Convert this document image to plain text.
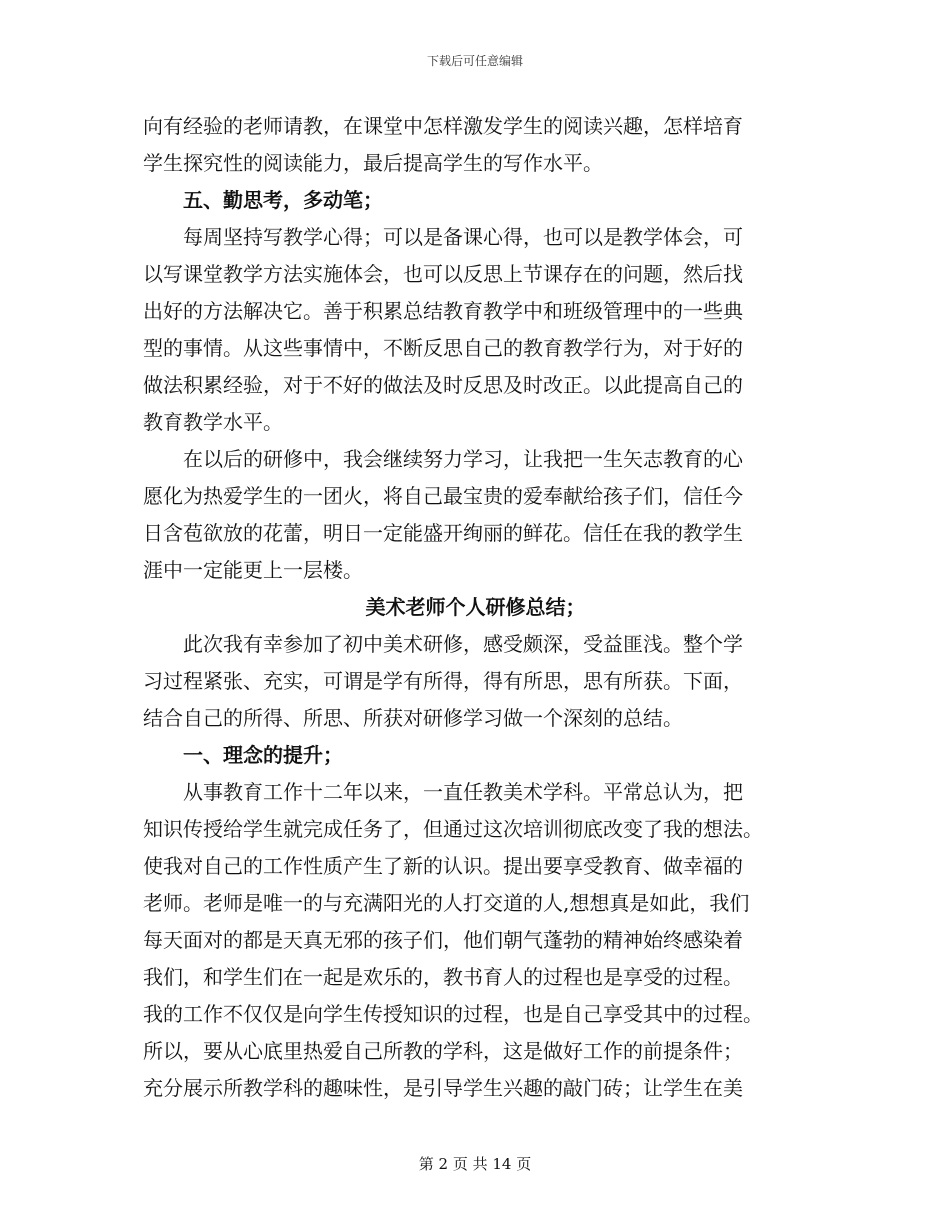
下载后可任意编辑
向有经验的老师请教，在课堂中怎样激发学生的阅读兴趣，怎样培育
学生探究性的阅读能力，最后提高学生的写作水平。
五、勤思考，多动笔；
每周坚持写教学心得；可以是备课心得，也可以是教学体会，可
以写课堂教学方法实施体会，也可以反思上节课存在的问题，然后找
出好的方法解决它。善于积累总结教育教学中和班级管理中的一些典
型的事情。从这些事情中，不断反思自己的教育教学行为，对于好的
做法积累经验，对于不好的做法及时反思及时改正。以此提高自己的
教育教学水平。
在以后的研修中，我会继续努力学习，让我把一生矢志教育的心
愿化为热爱学生的一团火，将自己最宝贵的爱奉献给孩子们，信任今
日含苞欲放的花蕾，明日一定能盛开绚丽的鲜花。信任在我的教学生
涯中一定能更上一层楼。
美术老师个人研修总结；
此次我有幸参加了初中美术研修，感受颇深，受益匪浅。整个学
习过程紧张、充实，可谓是学有所得，得有所思，思有所获。下面，
结合自己的所得、所思、所获对研修学习做一个深刻的总结。
一、理念的提升；
从事教育工作十二年以来，一直任教美术学科。平常总认为，把
知识传授给学生就完成任务了，但通过这次培训彻底改变了我的想法。
使我对自己的工作性质产生了新的认识。提出要享受教育、做幸福的
老师。老师是唯一的与充满阳光的人打交道的人,想想真是如此，我们
每天面对的都是天真无邪的孩子们，他们朝气蓬勃的精神始终感染着
我们，和学生们在一起是欢乐的，教书育人的过程也是享受的过程。
我的工作不仅仅是向学生传授知识的过程，也是自己享受其中的过程。
所以，要从心底里热爱自己所教的学科，这是做好工作的前提条件；
充分展示所教学科的趣味性，是引导学生兴趣的敲门砖；让学生在美
第 2 页 共 14 页
